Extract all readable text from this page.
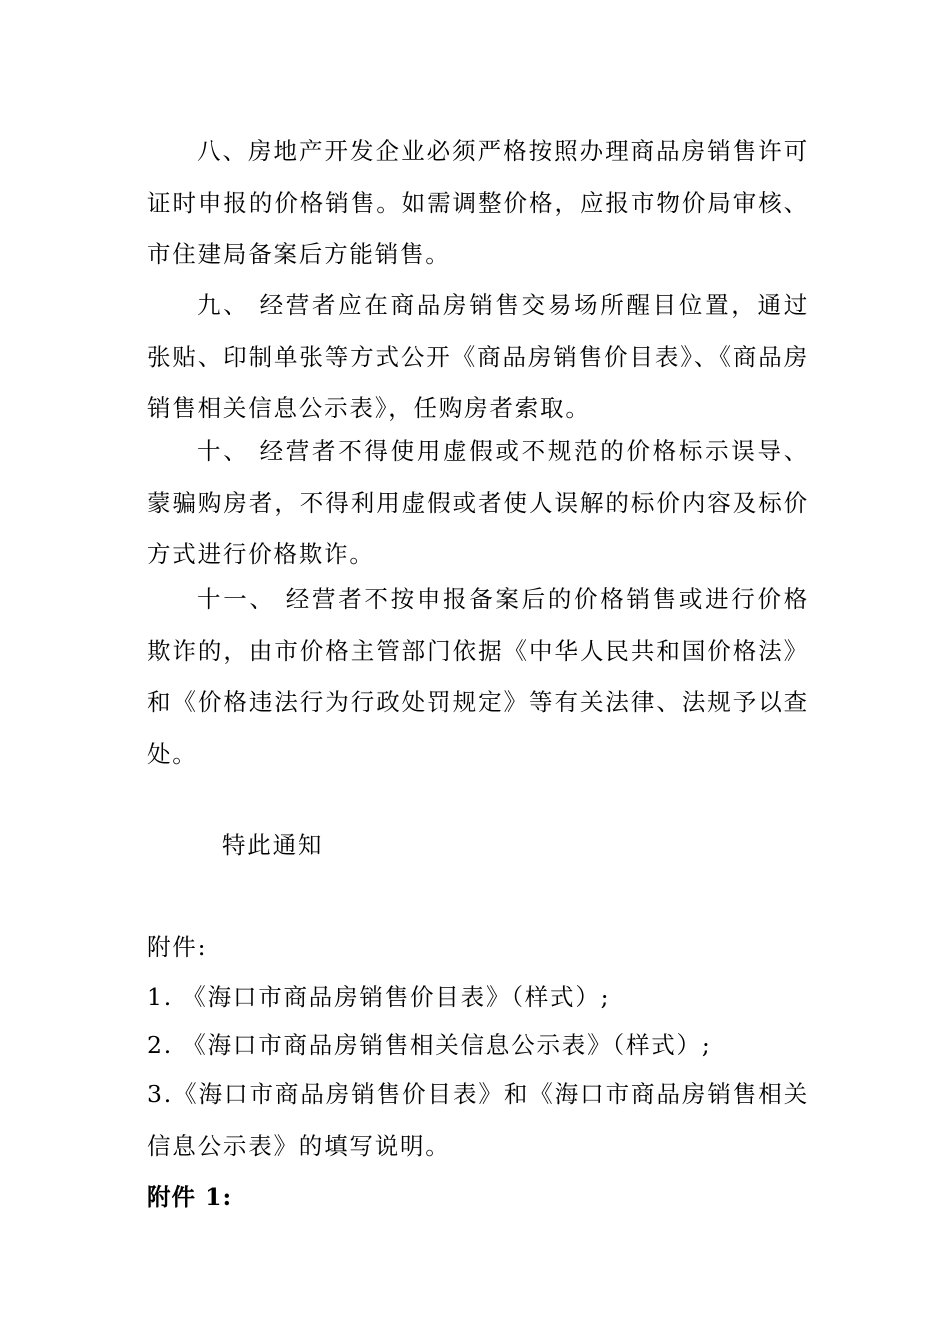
八、房地产开发企业必须严格按照办理商品房销售许可证时申报的价格销售。如需调整价格，应报市物价局审核、市住建局备案后方能销售。

九、 经营者应在商品房销售交易场所醒目位置，通过张贴、印制单张等方式公开《商品房销售价目表》、《商品房销售相关信息公示表》，任购房者索取。

十、 经营者不得使用虚假或不规范的价格标示误导、蒙骗购房者，不得利用虚假或者使人误解的标价内容及标价方式进行价格欺诈。

十一、 经营者不按申报备案后的价格销售或进行价格欺诈的，由市价格主管部门依据《中华人民共和国价格法》和《价格违法行为行政处罚规定》等有关法律、法规予以查处。

特此通知

附件:

1. 《海口市商品房销售价目表》（样式）;

2. 《海口市商品房销售相关信息公示表》（样式）;

3.《海口市商品房销售价目表》和《海口市商品房销售相关信息公示表》的填写说明。

附件 1:
